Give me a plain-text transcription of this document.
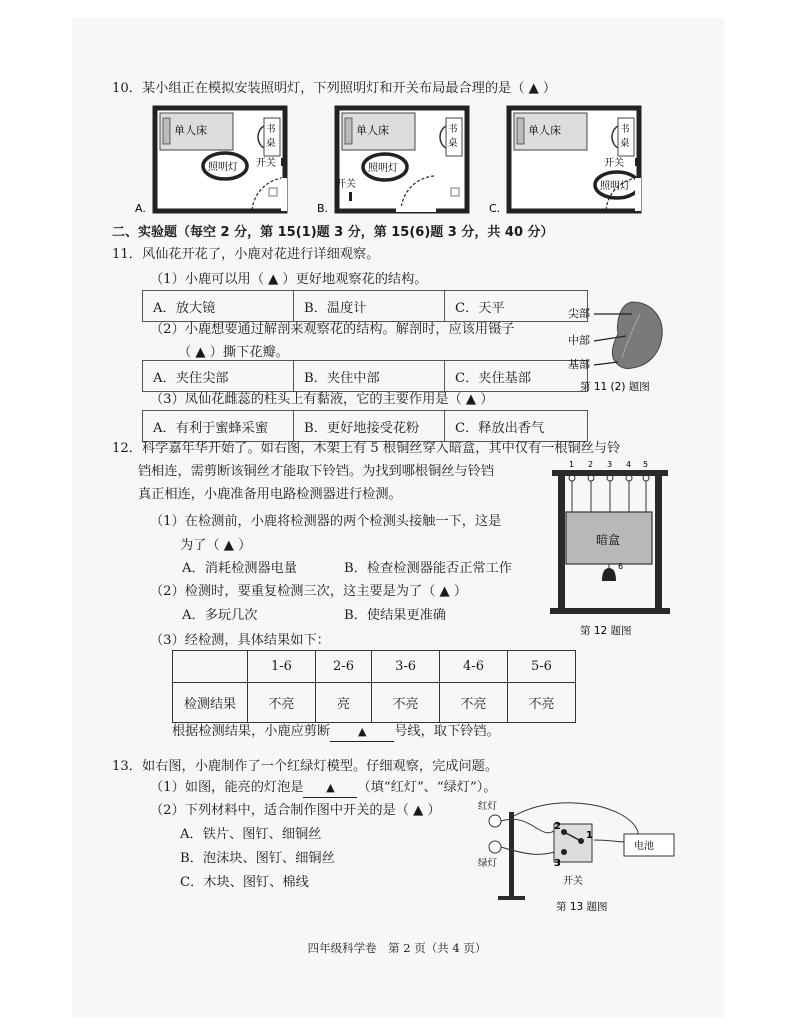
10．某小组正在模拟安装照明灯，下列照明灯和开关布局最合理的是（ ▲ ）
单人床	书
桌
照明灯 开关
A.
单人床	书
桌
照明灯
开关
B.
单人床	书
桌
照明灯
开关
C.
二、实验题（每空 2 分，第 15(1)题 3 分，第 15(6)题 3 分，共 40 分）
11．风仙花开花了，小鹿对花进行详细观察。
（1）小鹿可以用（ ▲ ）更好地观察花的结构。
A．放大镜	B．温度计	C．天平
（2）小鹿想要通过解剖来观察花的结构。解剖时，应该用镊子
（ ▲ ）撕下花瓣。
A．夹住尖部	B．夹住中部	C．夹住基部
（3）凤仙花雌蕊的柱头上有黏液，它的主要作用是（ ▲ ）
A．有利于蜜蜂采蜜	B．更好地接受花粉	C．释放出香气
尖部
中部
基部
第 11 (2) 题图
12．科学嘉年华开始了。如右图，木架上有 5 根铜丝穿入暗盒，其中仅有一根铜丝与铃
铛相连，需剪断该铜丝才能取下铃铛。为找到哪根铜丝与铃铛
真正相连，小鹿准备用电路检测器进行检测。
（1）在检测前，小鹿将检测器的两个检测头接触一下，这是
为了（ ▲ ）
A．消耗检测器电量	B．检查检测器能否正常工作
（2）检测时，要重复检测三次，这主要是为了（ ▲ ）
A．多玩几次	B．使结果更准确
（3）经检测，具体结果如下：
	1-6	2-6	3-6	4-6	5-6
检测结果	不亮	亮	不亮	不亮	不亮
根据检测结果，小鹿应剪断	▲ 号线，取下铃铛。
1 2 3 4 5
暗盒
6
第 12 题图
13．如右图，小鹿制作了一个红绿灯模型。仔细观察，完成问题。
（1）如图，能亮的灯泡是 ▲ （填“红灯”、“绿灯”）。
（2）下列材料中，适合制作图中开关的是（ ▲ ）
A．铁片、图钉、细铜丝
B．泡沫块、图钉、细铜丝
C．木块、图钉、棉线
红灯
绿灯
2
1
3
电池
开关
第 13 题图
四年级科学卷　第 2 页（共 4 页）
